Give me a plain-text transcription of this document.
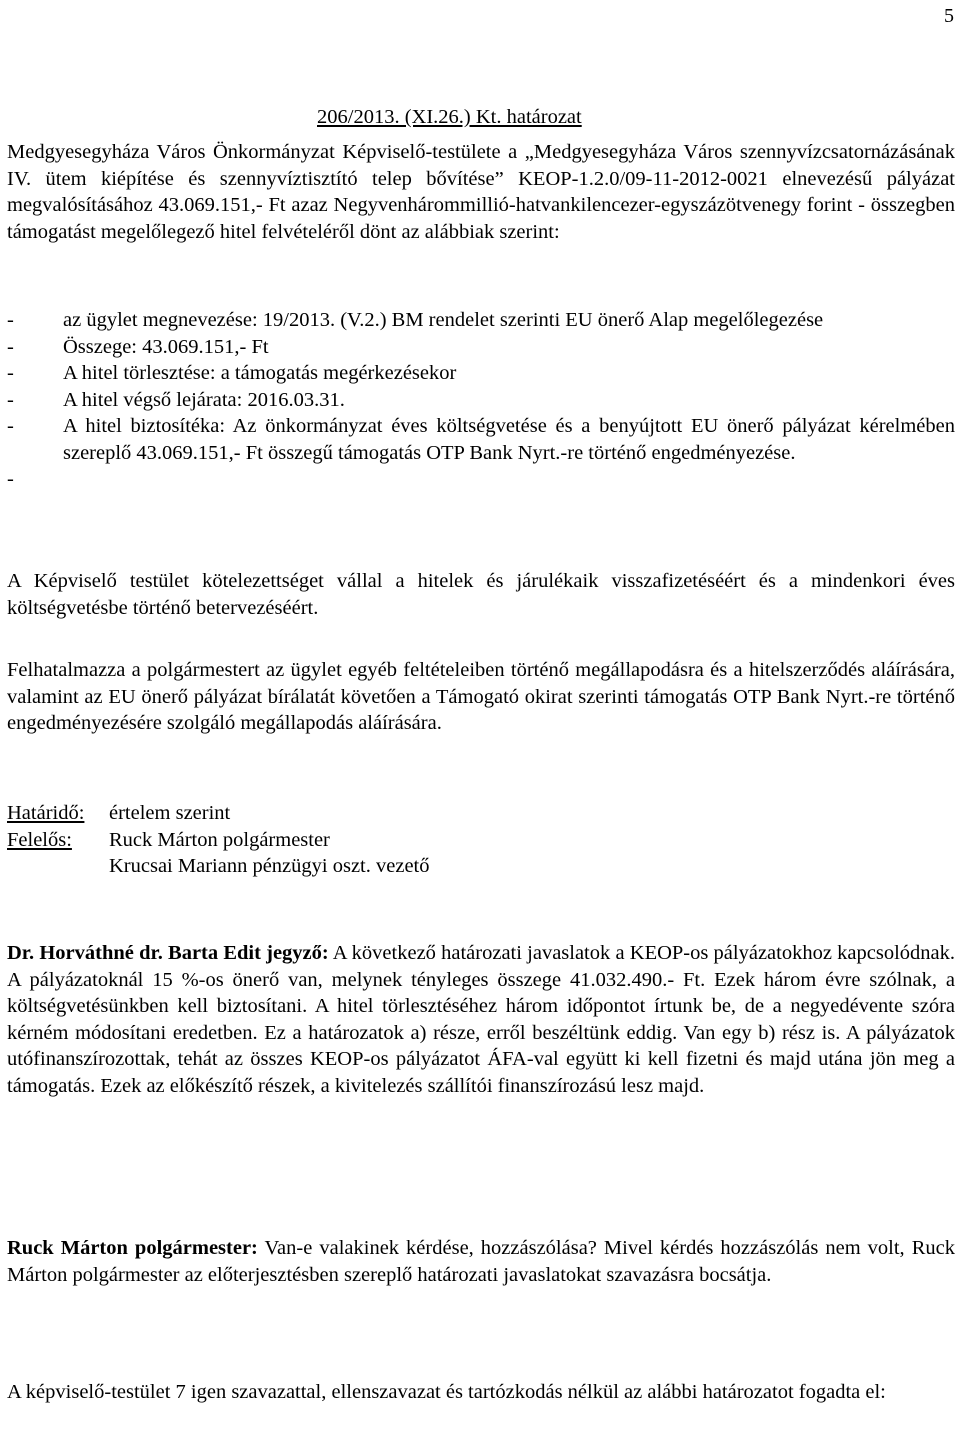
5
206/2013. (XI.26.) Kt. határozat

Medgyesegyháza Város Önkormányzat Képviselő-testülete a „Medgyesegyháza Város szennyvízcsatornázásának IV. ütem kiépítése és szennyvíztisztító telep bővítése” KEOP-1.2.0/09-11-2012-0021 elnevezésű pályázat megvalósításához 43.069.151,- Ft azaz Negyvenhárommillió-hatvankilencezer-egyszázötvenegy forint - összegben támogatást megelőlegező hitel felvételéről dönt az alábbiak szerint:

- az ügylet megnevezése: 19/2013. (V.2.) BM rendelet szerinti EU önerő Alap megelőlegezése
- Összege: 43.069.151,- Ft
- A hitel törlesztése: a támogatás megérkezésekor
- A hitel végső lejárata: 2016.03.31.
- A hitel biztosítéka: Az önkormányzat éves költségvetése és a benyújtott EU önerő pályázat kérelmében szereplő 43.069.151,- Ft összegű támogatás OTP Bank Nyrt.-re történő engedményezése.
-

A Képviselő testület kötelezettséget vállal a hitelek és járulékaik visszafizetéséért és a mindenkori éves költségvetésbe történő betervezéséért.

Felhatalmazza a polgármestert az ügylet egyéb feltételeiben történő megállapodásra és a hitelszerződés aláírására, valamint az EU önerő pályázat bírálatát követően a Támogató okirat szerinti támogatás OTP Bank Nyrt.-re történő engedményezésére szolgáló megállapodás aláírására.

Határidő:	értelem szerint
Felelős:	Ruck Márton polgármester
Krucsai Mariann pénzügyi oszt. vezető

Dr. Horváthné dr. Barta Edit jegyző: A következő határozati javaslatok a KEOP-os pályázatokhoz kapcsolódnak. A pályázatoknál 15 %-os önerő van, melynek tényleges összege 41.032.490.- Ft. Ezek három évre szólnak, a költségvetésünkben kell biztosítani. A hitel törlesztéséhez három időpontot írtunk be, de a negyedévente szóra kérném módosítani eredetben. Ez a határozatok a) része, erről beszéltünk eddig. Van egy b) rész is. A pályázatok utófinanszírozottak, tehát az összes KEOP-os pályázatot ÁFA-val együtt ki kell fizetni és majd utána jön meg a támogatás. Ezek az előkészítő részek, a kivitelezés szállítói finanszírozású lesz majd.

Ruck Márton polgármester: Van-e valakinek kérdése, hozzászólása? Mivel kérdés hozzászólás nem volt, Ruck Márton polgármester az előterjesztésben szereplő határozati javaslatokat szavazásra bocsátja.

A képviselő-testület 7 igen szavazattal, ellenszavazat és tartózkodás nélkül az alábbi határozatot fogadta el:
